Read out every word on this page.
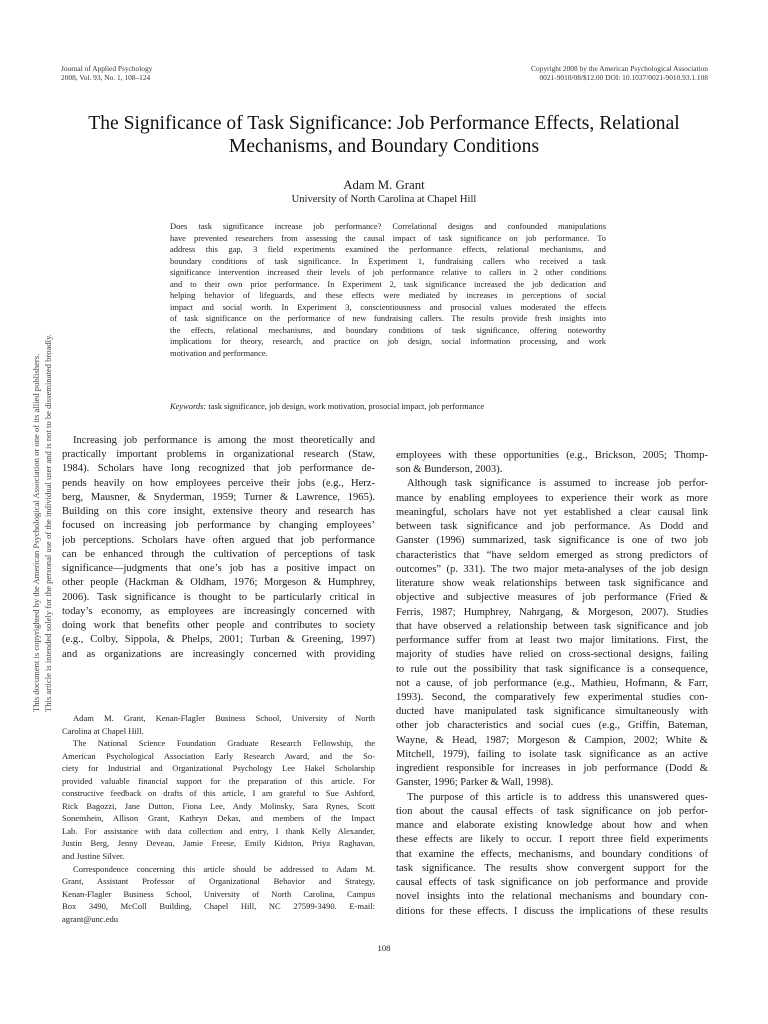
Journal of Applied Psychology
2008, Vol. 93, No. 1, 108–124
Copyright 2008 by the American Psychological Association
0021-9010/08/$12.00 DOI: 10.1037/0021-9010.93.1.108
The Significance of Task Significance: Job Performance Effects, Relational
Mechanisms, and Boundary Conditions
Adam M. Grant
University of North Carolina at Chapel Hill
Does task significance increase job performance? Correlational designs and confounded manipulations
have prevented researchers from assessing the causal impact of task significance on job performance. To
address this gap, 3 field experiments examined the performance effects, relational mechanisms, and
boundary conditions of task significance. In Experiment 1, fundraising callers who received a task
significance intervention increased their levels of job performance relative to callers in 2 other conditions
and to their own prior performance. In Experiment 2, task significance increased the job dedication and
helping behavior of lifeguards, and these effects were mediated by increases in perceptions of social
impact and social worth. In Experiment 3, conscientiousness and prosocial values moderated the effects
of task significance on the performance of new fundraising callers. The results provide fresh insights into
the effects, relational mechanisms, and boundary conditions of task significance, offering noteworthy
implications for theory, research, and practice on job design, social information processing, and work
motivation and performance.
Keywords: task significance, job design, work motivation, prosocial impact, job performance
This document is copyrighted by the American Psychological Association or one of its allied publishers. This article is intended solely for the personal use of the individual user and is not to be disseminated broadly.	Increasing job performance is among the most theoretically and
practically important problems in organizational research (Staw,
1984). Scholars have long recognized that job performance de-
pends heavily on how employees perceive their jobs (e.g., Herz-
berg, Mausner, & Snyderman, 1959; Turner & Lawrence, 1965).
Building on this core insight, extensive theory and research has
focused on increasing job performance by changing employees’
job perceptions. Scholars have often argued that job performance
can be enhanced through the cultivation of perceptions of task
significance—judgments that one’s job has a positive impact on
other people (Hackman & Oldham, 1976; Morgeson & Humphrey,
2006). Task significance is thought to be particularly critical in
today’s economy, as employees are increasingly concerned with
doing work that benefits other people and contributes to society
(e.g., Colby, Sippola, & Phelps, 2001; Turban & Greening, 1997)
and as organizations are increasingly concerned with providing
Adam M. Grant, Kenan-Flagler Business School, University of North
Carolina at Chapel Hill.
The National Science Foundation Graduate Research Fellowship, the
American Psychological Association Early Research Award, and the So-
ciety for Industrial and Organizational Psychology Lee Hakel Scholarship
provided valuable financial support for the preparation of this article. For
constructive feedback on drafts of this article, I am grateful to Sue Ashford,
Rick Bagozzi, Jane Dutton, Fiona Lee, Andy Molinsky, Sara Rynes, Scott
Sonenshein, Allison Grant, Kathryn Dekas, and members of the Impact
Lab. For assistance with data collection and entry, I thank Kelly Alexander,
Justin Berg, Jenny Deveau, Jamie Freese, Emily Kidston, Priya Raghavan,
and Justine Silver.
Correspondence concerning this article should be addressed to Adam M.
Grant, Assistant Professor of Organizational Behavior and Strategy,
Kenan-Flagler Business School, University of North Carolina, Campus
Box 3490, McColl Building, Chapel Hill, NC 27599-3490. E-mail:
agrant@unc.edu
employees with these opportunities (e.g., Brickson, 2005; Thomp-
son & Bunderson, 2003).
Although task significance is assumed to increase job perfor-
mance by enabling employees to experience their work as more
meaningful, scholars have not yet established a clear causal link
between task significance and job performance. As Dodd and
Ganster (1996) summarized, task significance is one of two job
characteristics that “have seldom emerged as strong predictors of
outcomes” (p. 331). The two major meta-analyses of the job design
literature show weak relationships between task significance and
objective and subjective measures of job performance (Fried &
Ferris, 1987; Humphrey, Nahrgang, & Morgeson, 2007). Studies
that have observed a relationship between task significance and job
performance suffer from at least two major limitations. First, the
majority of studies have relied on cross-sectional designs, failing
to rule out the possibility that task significance is a consequence,
not a cause, of job performance (e.g., Mathieu, Hofmann, & Farr,
1993). Second, the comparatively few experimental studies con-
ducted have manipulated task significance simultaneously with
other job characteristics and social cues (e.g., Griffin, Bateman,
Wayne, & Head, 1987; Morgeson & Campion, 2002; White &
Mitchell, 1979), failing to isolate task significance as an active
ingredient responsible for increases in job performance (Dodd &
Ganster, 1996; Parker & Wall, 1998).
The purpose of this article is to address this unanswered ques-
tion about the causal effects of task significance on job perfor-
mance and elaborate existing knowledge about how and when
these effects are likely to occur. I report three field experiments
that examine the effects, mechanisms, and boundary conditions of
task significance. The results show convergent support for the
causal effects of task significance on job performance and provide
novel insights into the relational mechanisms and boundary con-
ditions for these effects. I discuss the implications of these results
108
